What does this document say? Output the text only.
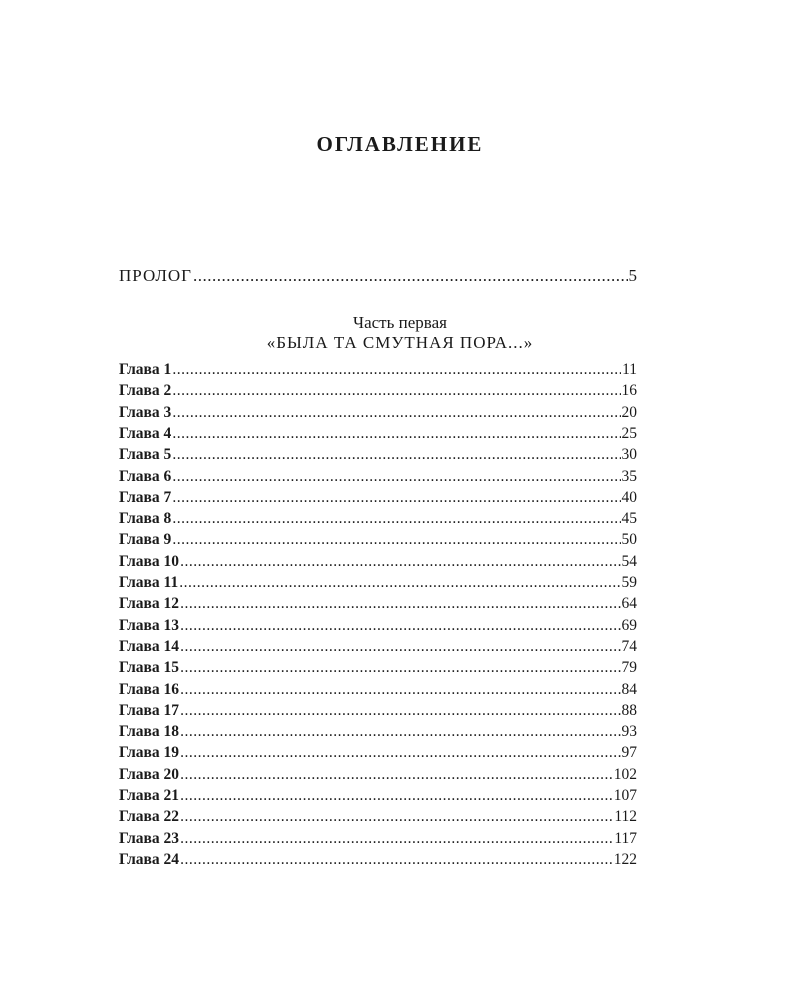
ОГЛАВЛЕНИЕ
ПРОЛОГ .....	5
Часть первая
«БЫЛА ТА СМУТНАЯ ПОРА...»
Глава 1 .....	11
Глава 2 .....	16
Глава 3 .....	20
Глава 4 .....	25
Глава 5 .....	30
Глава 6 .....	35
Глава 7 .....	40
Глава 8 .....	45
Глава 9 .....	50
Глава 10 .....	54
Глава 11 .....	59
Глава 12 .....	64
Глава 13 .....	69
Глава 14 .....	74
Глава 15 .....	79
Глава 16 .....	84
Глава 17 .....	88
Глава 18 .....	93
Глава 19 .....	97
Глава 20 .....	102
Глава 21 .....	107
Глава 22 .....	112
Глава 23 .....	117
Глава 24 .....	122
